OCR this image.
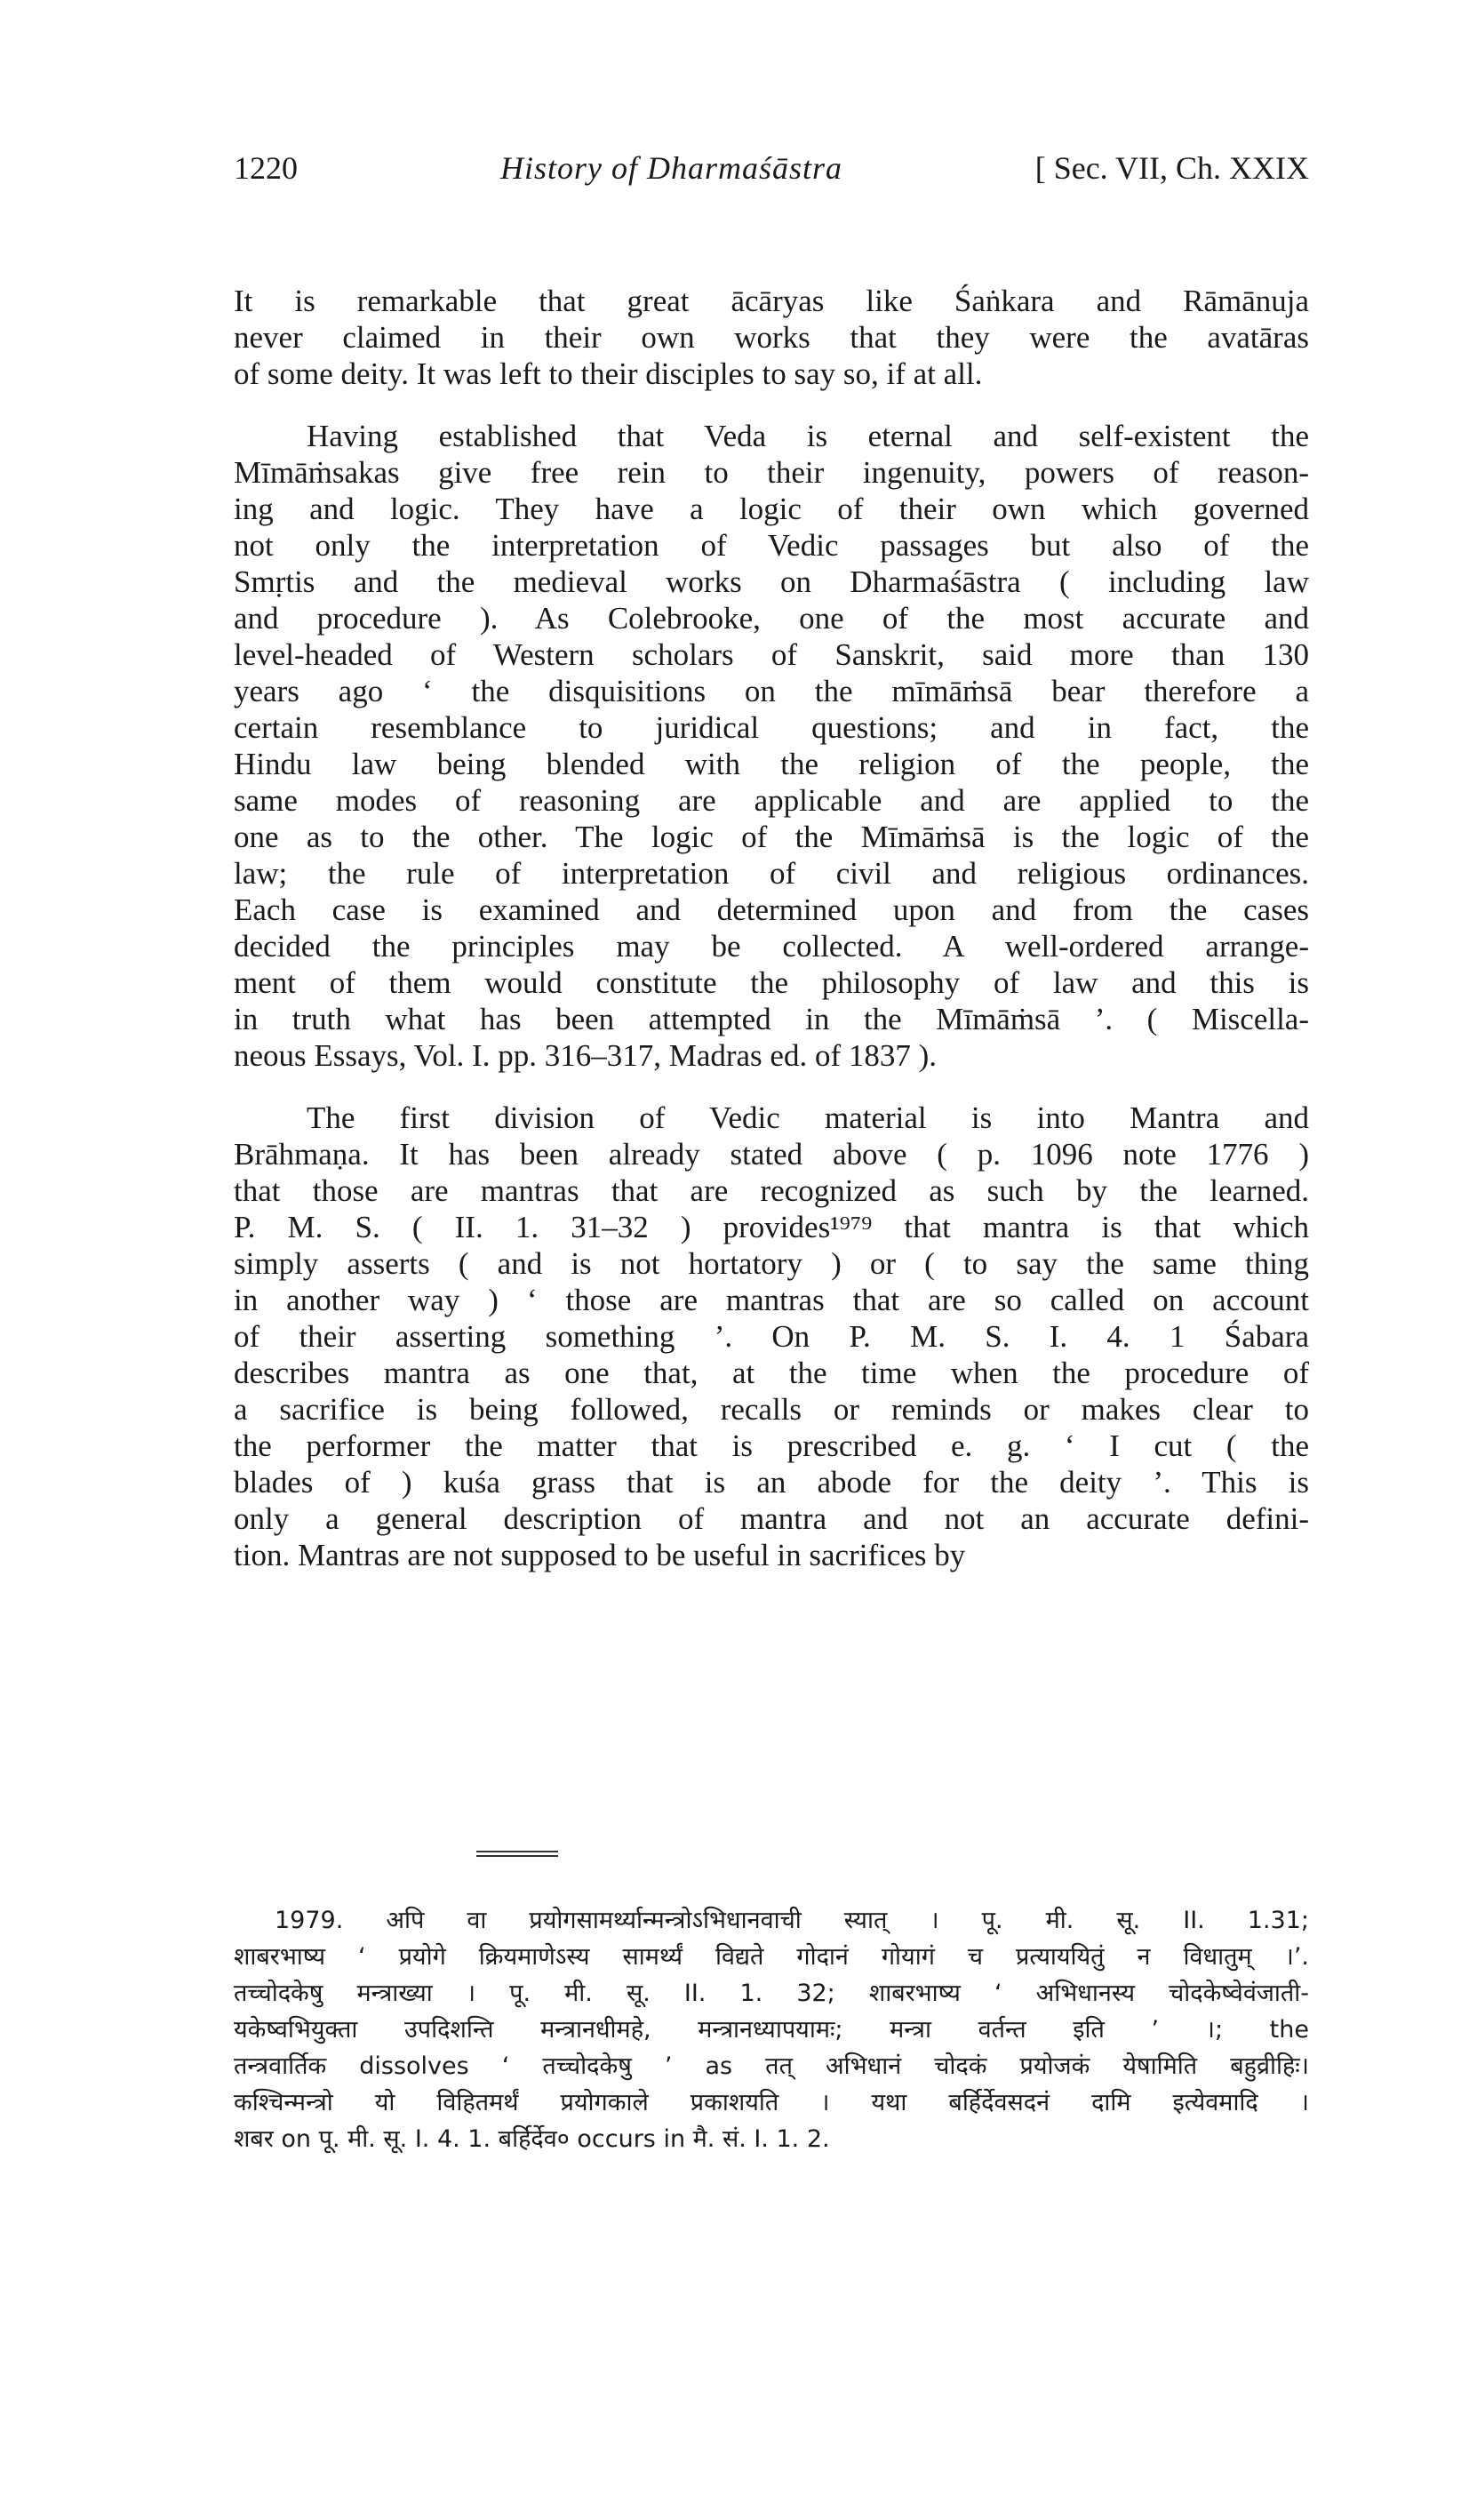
1220	History of Dharmaśāstra	[ Sec. VII, Ch. XXIX
It is remarkable that great ācāryas like Śaṅkara and Rāmānuja
never claimed in their own works that they were the avatāras
of some deity. It was left to their disciples to say so, if at all.
Having established that Veda is eternal and self-existent the
Mīmāṁsakas give free rein to their ingenuity, powers of reason-
ing and logic. They have a logic of their own which governed
not only the interpretation of Vedic passages but also of the
Smṛtis and the medieval works on Dharmaśāstra ( including law
and procedure ). As Colebrooke, one of the most accurate and
level-headed of Western scholars of Sanskrit, said more than 130
years ago ‘ the disquisitions on the mīmāṁsā bear therefore a
certain resemblance to juridical questions; and in fact, the
Hindu law being blended with the religion of the people, the
same modes of reasoning are applicable and are applied to the
one as to the other. The logic of the Mīmāṁsā is the logic of the
law; the rule of interpretation of civil and religious ordinances.
Each case is examined and determined upon and from the cases
decided the principles may be collected. A well-ordered arrange-
ment of them would constitute the philosophy of law and this is
in truth what has been attempted in the Mīmāṁsā ’. ( Miscella-
neous Essays, Vol. I. pp. 316–317, Madras ed. of 1837 ).
The first division of Vedic material is into Mantra and
Brāhmaṇa. It has been already stated above ( p. 1096 note 1776 )
that those are mantras that are recognized as such by the learned.
P. M. S. ( II. 1. 31–32 ) provides¹⁹⁷⁹ that mantra is that which
simply asserts ( and is not hortatory ) or ( to say the same thing
in another way ) ‘ those are mantras that are so called on account
of their asserting something ’. On P. M. S. I. 4. 1 Śabara
describes mantra as one that, at the time when the procedure of
a sacrifice is being followed, recalls or reminds or makes clear to
the performer the matter that is prescribed e. g. ‘ I cut ( the
blades of ) kuśa grass that is an abode for the deity ’. This is
only a general description of mantra and not an accurate defini-
tion. Mantras are not supposed to be useful in sacrifices by
1979. अपि वा प्रयोगसामर्थ्यान्मन्त्रोऽभिधानवाची स्यात् । पू. मी. सू. II. 1.31;
शाबरभाष्य ‘ प्रयोगे क्रियमाणेऽस्य सामर्थ्यं विद्यते गोदानं गोयागं च प्रत्याययितुं न विधातुम् ।’.
तच्चोदकेषु मन्त्राख्या । पू. मी. सू. II. 1. 32; शाबरभाष्य ‘ अभिधानस्य चोदकेष्वेवंजाती-
यकेष्वभियुक्ता उपदिशन्ति मन्त्रानधीमहे, मन्त्रानध्यापयामः; मन्त्रा वर्तन्त इति ’ ।; the
तन्त्रवार्तिक dissolves ‘ तच्चोदकेषु ’ as तत् अभिधानं चोदकं प्रयोजकं येषामिति बहुव्रीहिः।
कश्चिन्मन्त्रो यो विहितमर्थं प्रयोगकाले प्रकाशयति । यथा बर्हिर्देवसदनं दामि इत्येवमादि ।
शबर on पू. मी. सू. I. 4. 1. बर्हिर्देव० occurs in मै. सं. I. 1. 2.
